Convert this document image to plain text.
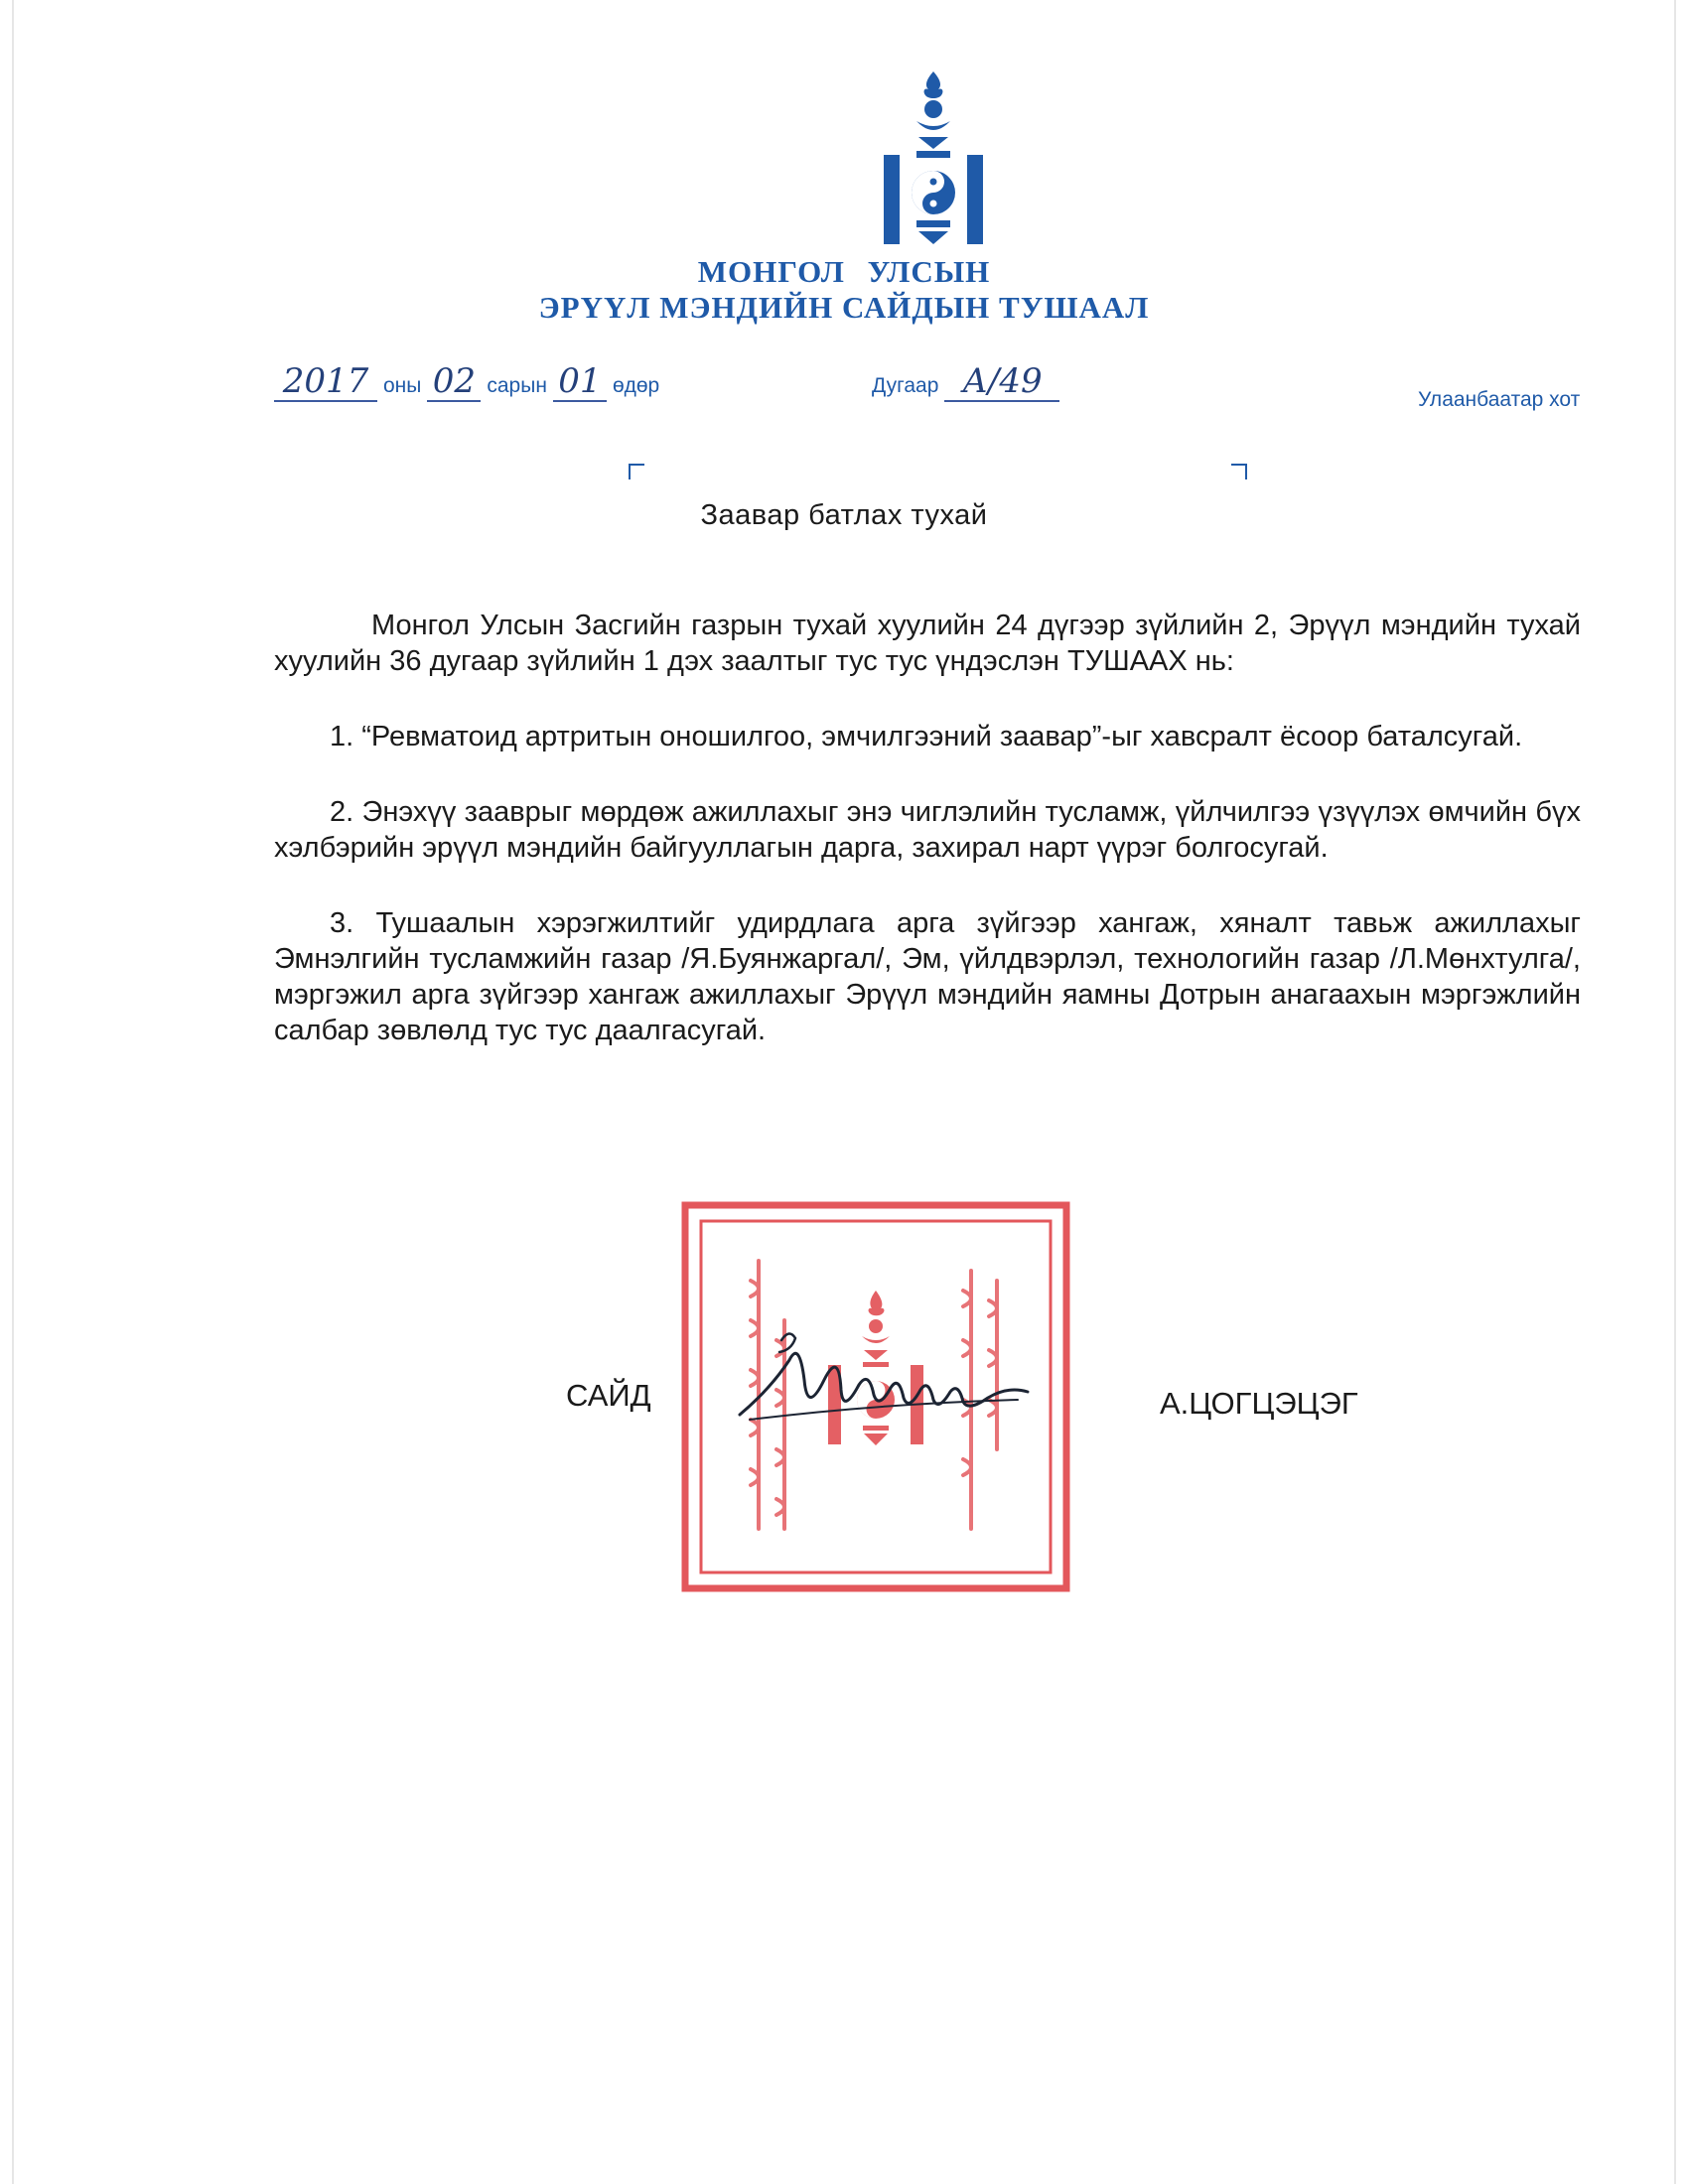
МОНГОЛ УЛСЫН
ЭРҮҮЛ МЭНДИЙН САЙДЫН ТУШААЛ
2017 оны 02 сарын 01 өдөр	Дугаар А/49	Улаанбаатар хот
Заавар батлах тухай

Монгол Улсын Засгийн газрын тухай хуулийн 24 дүгээр зүйлийн 2, Эрүүл мэндийн тухай хуулийн 36 дугаар зүйлийн 1 дэх заалтыг тус тус үндэслэн ТУШААХ нь:

1. “Ревматоид артритын оношилгоо, эмчилгээний заавар”-ыг хавсралт ёсоор баталсугай.

2. Энэхүү зааврыг мөрдөж ажиллахыг энэ чиглэлийн тусламж, үйлчилгээ үзүүлэх өмчийн бүх хэлбэрийн эрүүл мэндийн байгууллагын дарга, захирал нарт үүрэг болгосугай.

3. Тушаалын хэрэгжилтийг удирдлага арга зүйгээр хангаж, хяналт тавьж ажиллахыг Эмнэлгийн тусламжийн газар /Я.Буянжаргал/, Эм, үйлдвэрлэл, технологийн газар /Л.Мөнхтулга/, мэргэжил арга зүйгээр хангаж ажиллахыг Эрүүл мэндийн яамны Дотрын анагаахын мэргэжлийн салбар зөвлөлд тус тус даалгасугай.

САЙД	А.ЦОГЦЭЦЭГ
